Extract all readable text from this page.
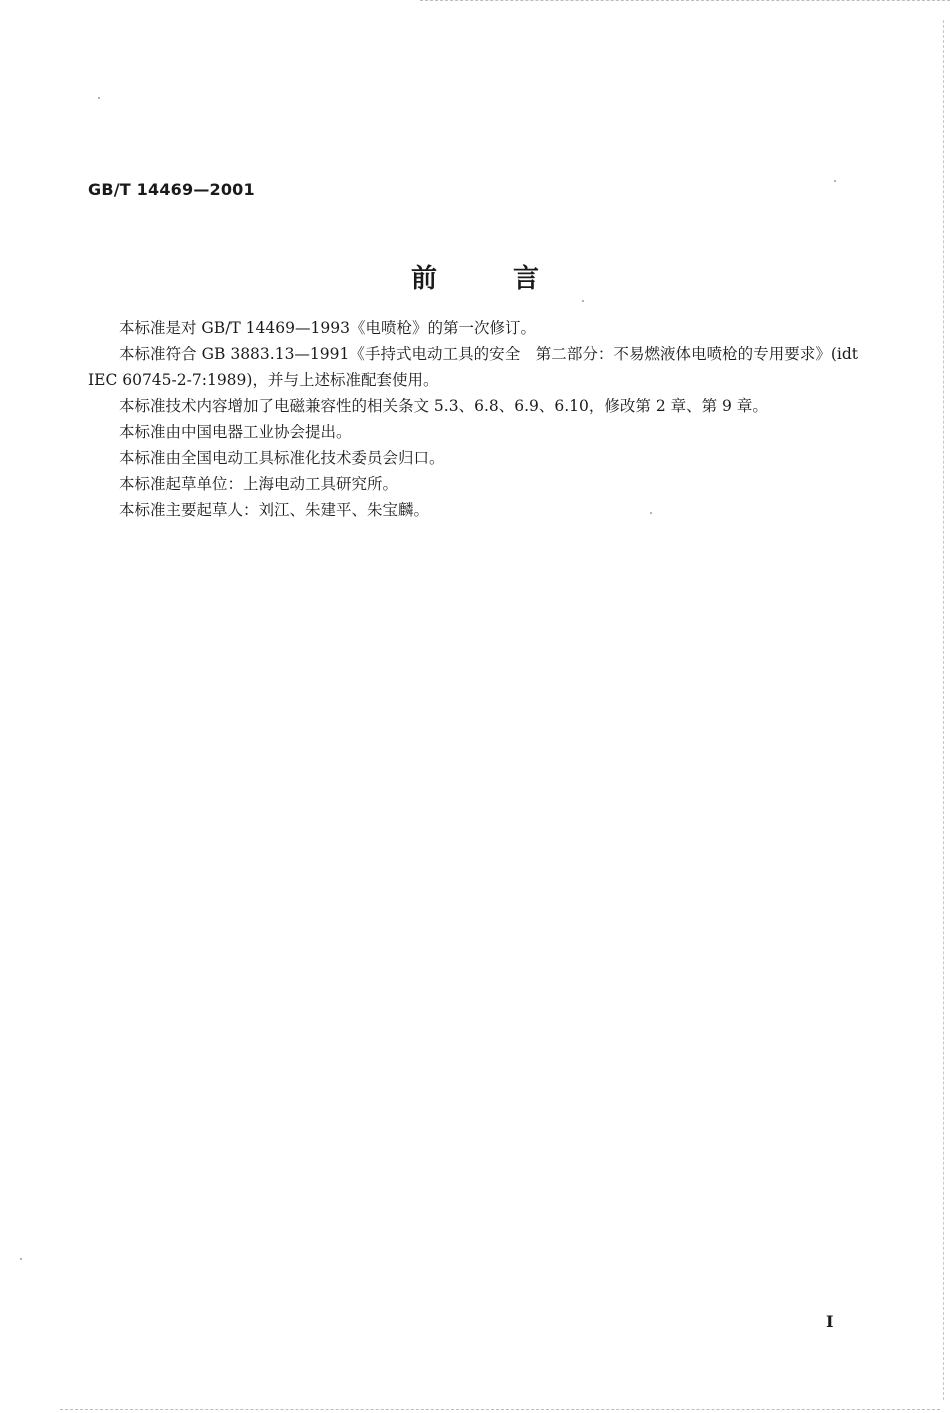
GB/T 14469—2001
前言

本标准是对 GB/T 14469—1993《电喷枪》的第一次修订。

本标准符合 GB 3883.13—1991《手持式电动工具的安全　第二部分：不易燃液体电喷枪的专用要求》(idt IEC 60745-2-7:1989)，并与上述标准配套使用。

本标准技术内容增加了电磁兼容性的相关条文 5.3、6.8、6.9、6.10，修改第 2 章、第 9 章。

本标准由中国电器工业协会提出。

本标准由全国电动工具标准化技术委员会归口。

本标准起草单位：上海电动工具研究所。

本标准主要起草人：刘江、朱建平、朱宝麟。

I
